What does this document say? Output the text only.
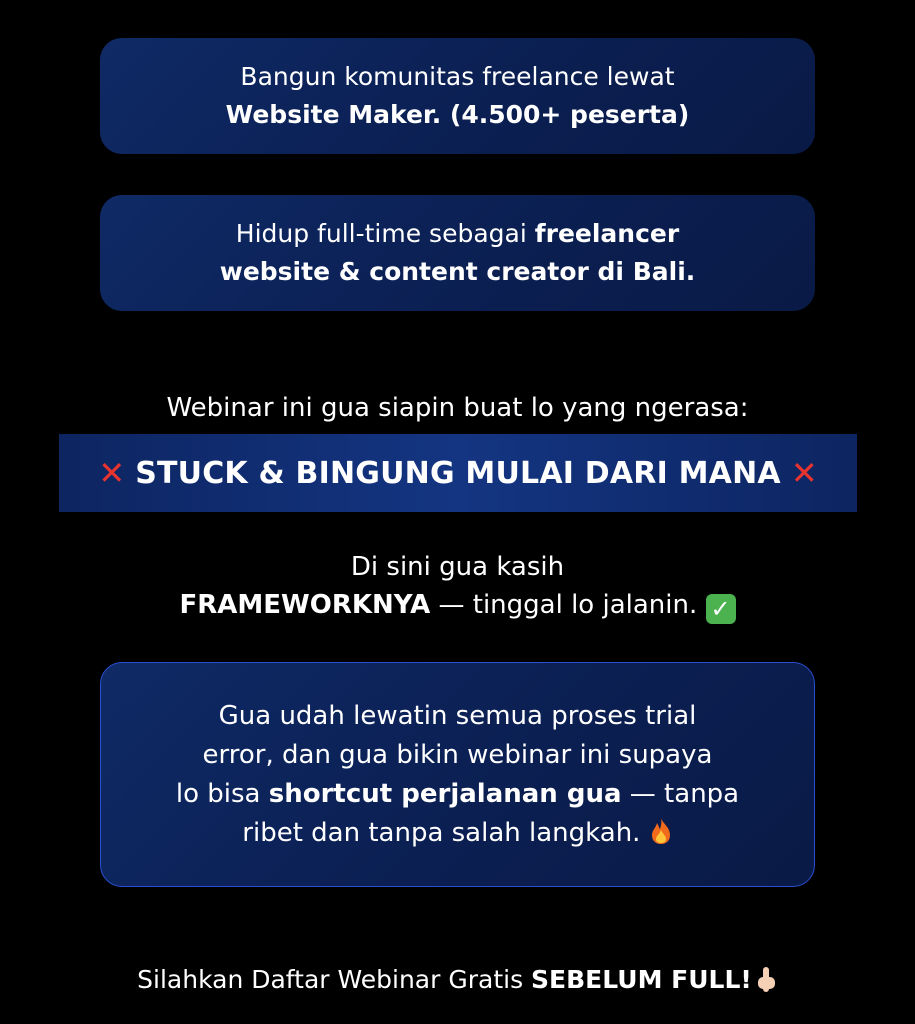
Bangun komunitas freelance lewat
Website Maker. (4.500+ peserta)
Hidup full-time sebagai freelancer
website & content creator di Bali.
Webinar ini gua siapin buat lo yang ngerasa:
✕ STUCK & BINGUNG MULAI DARI MANA ✕
Di sini gua kasih
FRAMEWORKNYA — tinggal lo jalanin. ✓
Gua udah lewatin semua proses trial
error, dan gua bikin webinar ini supaya
lo bisa shortcut perjalanan gua — tanpa
ribet dan tanpa salah langkah.
Silahkan Daftar Webinar Gratis SEBELUM FULL!
